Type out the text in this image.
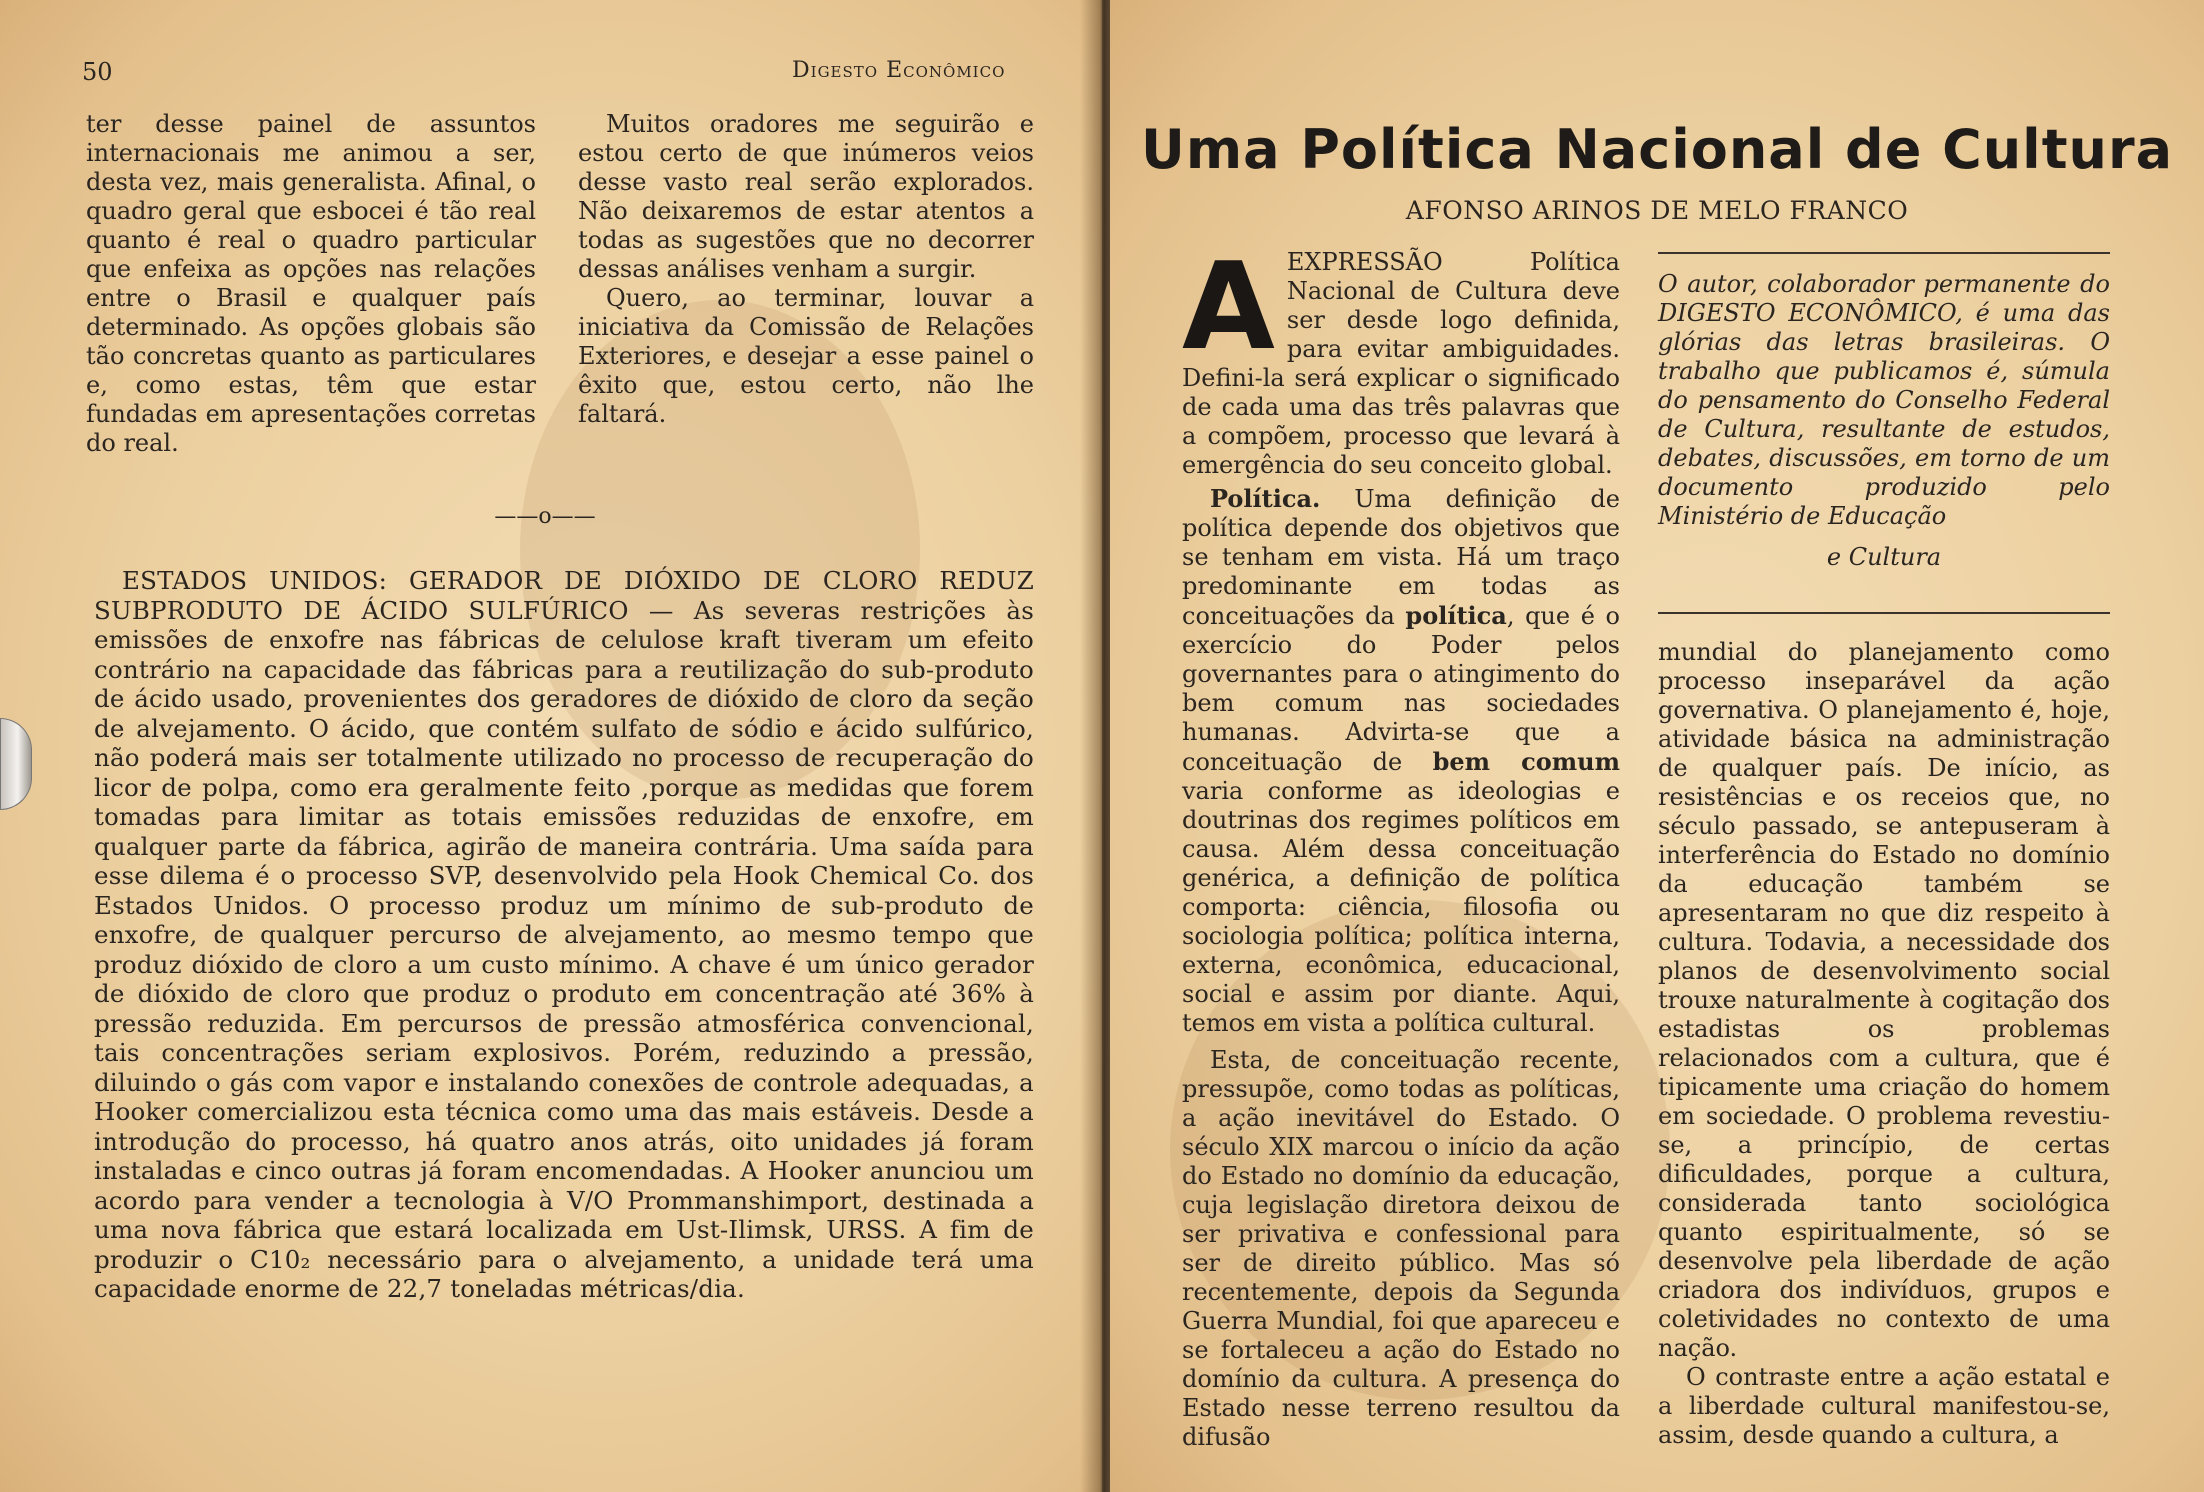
50	Digesto Econômico

ter desse painel de assuntos internacionais me animou a ser, desta vez, mais generalista. Afinal, o quadro geral que esbocei é tão real quanto é real o quadro particular que enfeixa as opções nas relações entre o Brasil e qualquer país determinado. As opções globais são tão concretas quanto as particulares e, como estas, têm que estar fundadas em apresentações corretas do real.

Muitos oradores me seguirão e estou certo de que inúmeros veios desse vasto real serão explorados. Não deixaremos de estar atentos a todas as sugestões que no decorrer dessas análises venham a surgir.

Quero, ao terminar, louvar a iniciativa da Comissão de Relações Exteriores, e desejar a esse painel o êxito que, estou certo, não lhe faltará.

——o——

ESTADOS UNIDOS: GERADOR DE DIÓXIDO DE CLORO REDUZ SUBPRODUTO DE ÁCIDO SULFÚRICO — As severas restrições às emissões de enxofre nas fábricas de celulose kraft tiveram um efeito contrário na capacidade das fábricas para a reutilização do sub-produto de ácido usado, provenientes dos geradores de dióxido de cloro da seção de alvejamento. O ácido, que contém sulfato de sódio e ácido sulfúrico, não poderá mais ser totalmente utilizado no processo de recuperação do licor de polpa, como era geralmente feito ,porque as medidas que forem tomadas para limitar as totais emissões reduzidas de enxofre, em qualquer parte da fábrica, agirão de maneira contrária. Uma saída para esse dilema é o processo SVP, desenvolvido pela Hook Chemical Co. dos Estados Unidos. O processo produz um mínimo de sub-produto de enxofre, de qualquer percurso de alvejamento, ao mesmo tempo que produz dióxido de cloro a um custo mínimo. A chave é um único gerador de dióxido de cloro que produz o produto em concentração até 36% à pressão reduzida. Em percursos de pressão atmosférica convencional, tais concentrações seriam explosivos. Porém, reduzindo a pressão, diluindo o gás com vapor e instalando conexões de controle adequadas, a Hooker comercializou esta técnica como uma das mais estáveis. Desde a introdução do processo, há quatro anos atrás, oito unidades já foram instaladas e cinco outras já foram encomendadas. A Hooker anunciou um acordo para vender a tecnologia à V/O Prommanshimport, destinada a uma nova fábrica que estará localizada em Ust-Ilimsk, URSS. A fim de produzir o C10₂ necessário para o alvejamento, a unidade terá uma capacidade enorme de 22,7 toneladas métricas/dia.

Uma Política Nacional de Cultura
AFONSO ARINOS DE MELO FRANCO

AEXPRESSÃO Política Nacional de Cultura deve ser desde logo definida, para evitar ambiguidades. Defini-la será explicar o significado de cada uma das três palavras que a compõem, processo que levará à emergência do seu conceito global.

Política. Uma definição de política depende dos objetivos que se tenham em vista. Há um traço predominante em todas as conceituações da política, que é o exercício do Poder pelos governantes para o atingimento do bem comum nas sociedades humanas. Advirta-se que a conceituação de bem comum varia conforme as ideologias e doutrinas dos regimes políticos em causa. Além dessa conceituação genérica, a definição de política comporta: ciência, filosofia ou sociologia política; política interna, externa, econômica, educacional, social e assim por diante. Aqui, temos em vista a política cultural.

Esta, de conceituação recente, pressupõe, como todas as políticas, a ação inevitável do Estado. O século XIX marcou o início da ação do Estado no domínio da educação, cuja legislação diretora deixou de ser privativa e confessional para ser de direito público. Mas só recentemente, depois da Segunda Guerra Mundial, foi que apareceu e se fortaleceu a ação do Estado no domínio da cultura. A presença do Estado nesse terreno resultou da difusão

O autor, colaborador permanente do DIGESTO ECONÔMICO, é uma das glórias das letras brasileiras. O trabalho que publicamos é, súmula do pensamento do Conselho Federal de Cultura, resultante de estudos, debates, discussões, em torno de um documento produzido pelo Ministério de Educação

e Cultura

mundial do planejamento como processo inseparável da ação governativa. O planejamento é, hoje, atividade básica na administração de qualquer país. De início, as resistências e os receios que, no século passado, se antepuseram à interferência do Estado no domínio da educação também se apresentaram no que diz respeito à cultura. Todavia, a necessidade dos planos de desenvolvimento social trouxe naturalmente à cogitação dos estadistas os problemas relacionados com a cultura, que é tipicamente uma criação do homem em sociedade. O problema revestiu-se, a princípio, de certas dificuldades, porque a cultura, considerada tanto sociológica quanto espiritualmente, só se desenvolve pela liberdade de ação criadora dos indivíduos, grupos e coletividades no contexto de uma nação.

O contraste entre a ação estatal e a liberdade cultural manifestou-se, assim, desde quando a cultura, a
